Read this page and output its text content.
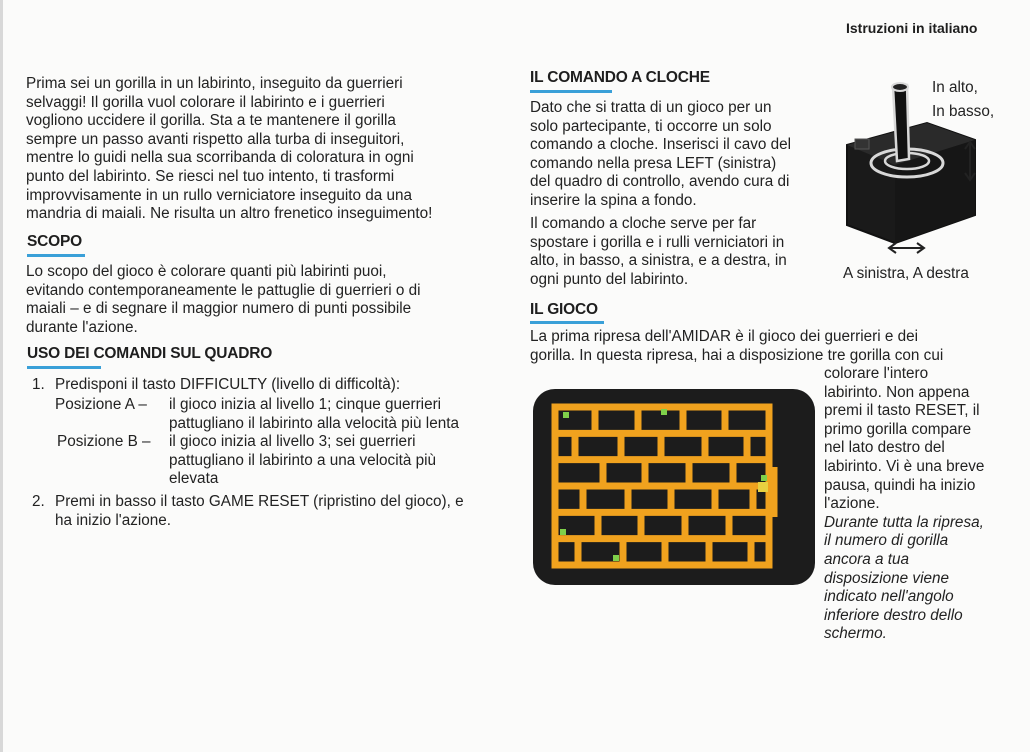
Istruzioni in italiano

Prima sei un gorilla in un labirinto, inseguito da guerrieri

selvaggi! Il gorilla vuol colorare il labirinto e i guerrieri

vogliono uccidere il gorilla. Sta a te mantenere il gorilla

sempre un passo avanti rispetto alla turba di inseguitori,

mentre lo guidi nella sua scorribanda di coloratura in ogni

punto del labirinto. Se riesci nel tuo intento, ti trasformi

improvvisamente in un rullo verniciatore inseguito da una

mandria di maiali. Ne risulta un altro frenetico inseguimento!

SCOPO

Lo scopo del gioco è colorare quanti più labirinti puoi,

evitando contemporaneamente le pattuglie di guerrieri o di

maiali – e di segnare il maggior numero di punti possibile

durante l'azione.

USO DEI COMANDI SUL QUADRO
1. Predisponi il tasto DIFFICULTY (livello di difficoltà):
Posizione A – il gioco inizia al livello 1; cinque guerrieri

pattugliano il labirinto alla velocità più lenta

Posizione B – il gioco inizia al livello 3; sei guerrieri

pattugliano il labirinto a una velocità più

elevata

2. Premi in basso il tasto GAME RESET (ripristino del gioco), e

ha inizio l'azione.

IL COMANDO A CLOCHE

Dato che si tratta di un gioco per un

solo partecipante, ti occorre un solo

comando a cloche. Inserisci il cavo del

comando nella presa LEFT (sinistra)

del quadro di controllo, avendo cura di

inserire la spina a fondo.

Il comando a cloche serve per far

spostare i gorilla e i rulli verniciatori in

alto, in basso, a sinistra, e a destra, in

ogni punto del labirinto.

In alto,
In basso,
A sinistra, A destra
IL GIOCO

La prima ripresa dell'AMIDAR è il gioco dei guerrieri e dei

gorilla. In questa ripresa, hai a disposizione tre gorilla con cui

colorare l'intero

labirinto. Non appena

premi il tasto RESET, il

primo gorilla compare

nel lato destro del

labirinto. Vi è una breve

pausa, quindi ha inizio

l'azione.

Durante tutta la ripresa,

il numero di gorilla

ancora a tua

disposizione viene

indicato nell'angolo

inferiore destro dello

schermo.
